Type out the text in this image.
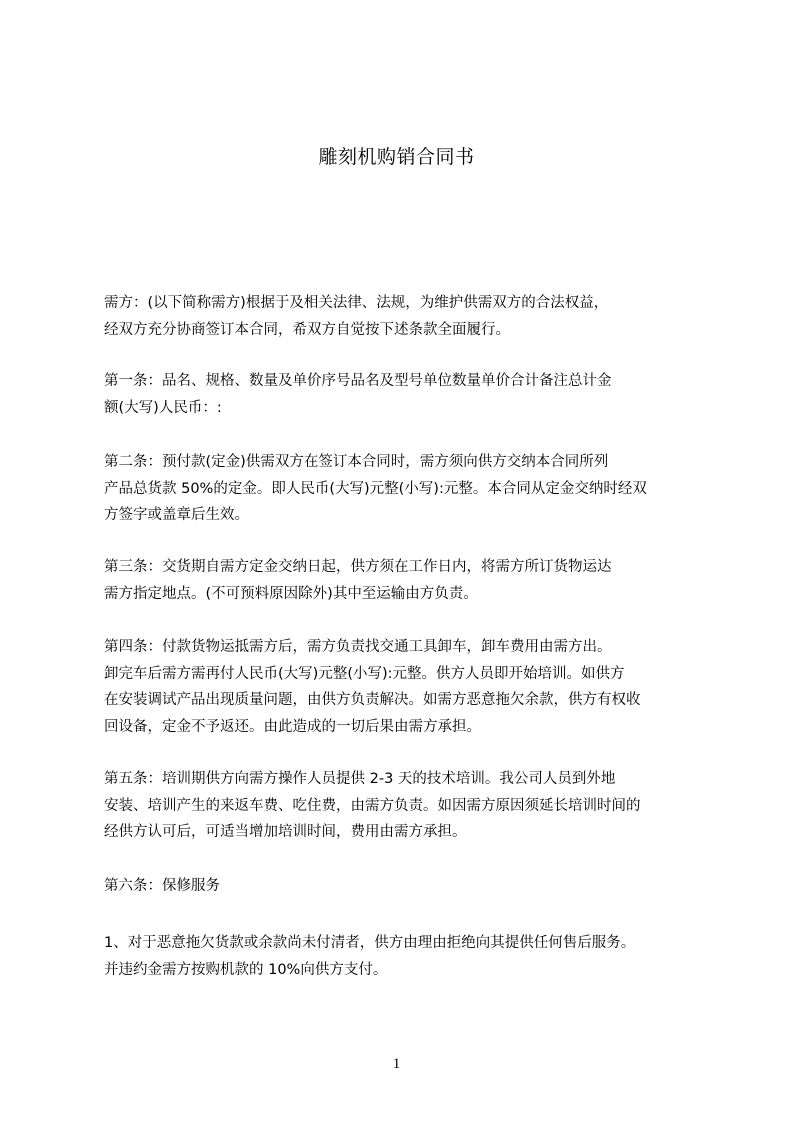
雕刻机购销合同书
需方：(以下简称需方)根据于及相关法律、法规，为维护供需双方的合法权益，
经双方充分协商签订本合同，希双方自觉按下述条款全面履行。
第一条：品名、规格、数量及单价序号品名及型号单位数量单价合计备注总计金
额(大写)人民币：:
第二条：预付款(定金)供需双方在签订本合同时，需方须向供方交纳本合同所列
产品总货款 50%的定金。即人民币(大写)元整(小写):元整。本合同从定金交纳时经双
方签字或盖章后生效。
第三条：交货期自需方定金交纳日起，供方须在工作日内，将需方所订货物运达
需方指定地点。(不可预料原因除外)其中至运输由方负责。
第四条：付款货物运抵需方后，需方负责找交通工具卸车，卸车费用由需方出。
卸完车后需方需再付人民币(大写)元整(小写):元整。供方人员即开始培训。如供方
在安装调试产品出现质量问题，由供方负责解决。如需方恶意拖欠余款，供方有权收
回设备，定金不予返还。由此造成的一切后果由需方承担。
第五条：培训期供方向需方操作人员提供 2-3 天的技术培训。我公司人员到外地
安装、培训产生的来返车费、吃住费，由需方负责。如因需方原因须延长培训时间的
经供方认可后，可适当增加培训时间，费用由需方承担。
第六条：保修服务
1、对于恶意拖欠货款或余款尚未付清者，供方由理由拒绝向其提供任何售后服务。
并违约金需方按购机款的 10%向供方支付。
1
